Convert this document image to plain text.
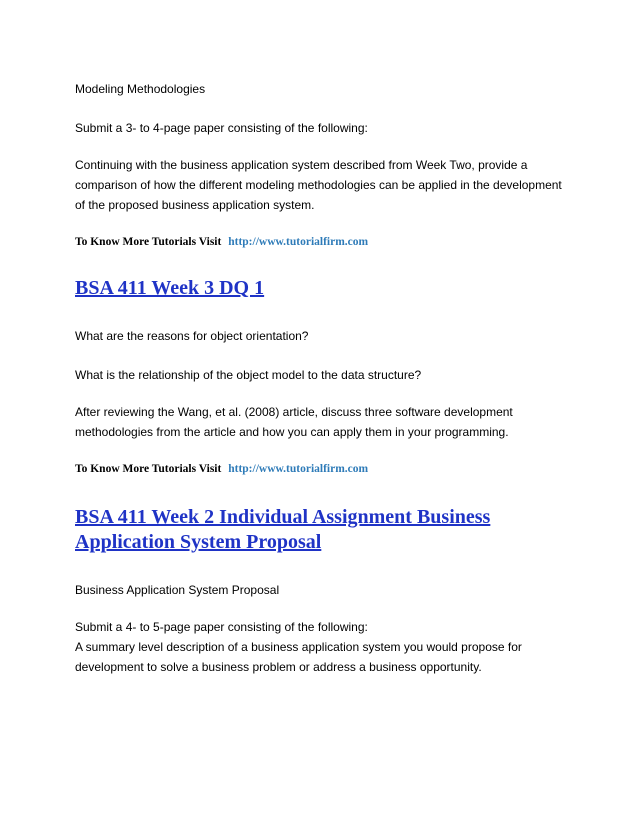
Modeling Methodologies

Submit a 3- to 4-page paper consisting of the following:

Continuing with the business application system described from Week Two, provide a
comparison of how the different modeling methodologies can be applied in the development
of the proposed business application system.

To Know More Tutorials Visit http://www.tutorialfirm.com

BSA 411 Week 3 DQ 1

What are the reasons for object orientation?

What is the relationship of the object model to the data structure?

After reviewing the Wang, et al. (2008) article, discuss three software development
methodologies from the article and how you can apply them in your programming.

To Know More Tutorials Visit http://www.tutorialfirm.com

BSA 411 Week 2 Individual Assignment Business
Application System Proposal

Business Application System Proposal

Submit a 4- to 5-page paper consisting of the following:
A summary level description of a business application system you would propose for
development to solve a business problem or address a business opportunity.
